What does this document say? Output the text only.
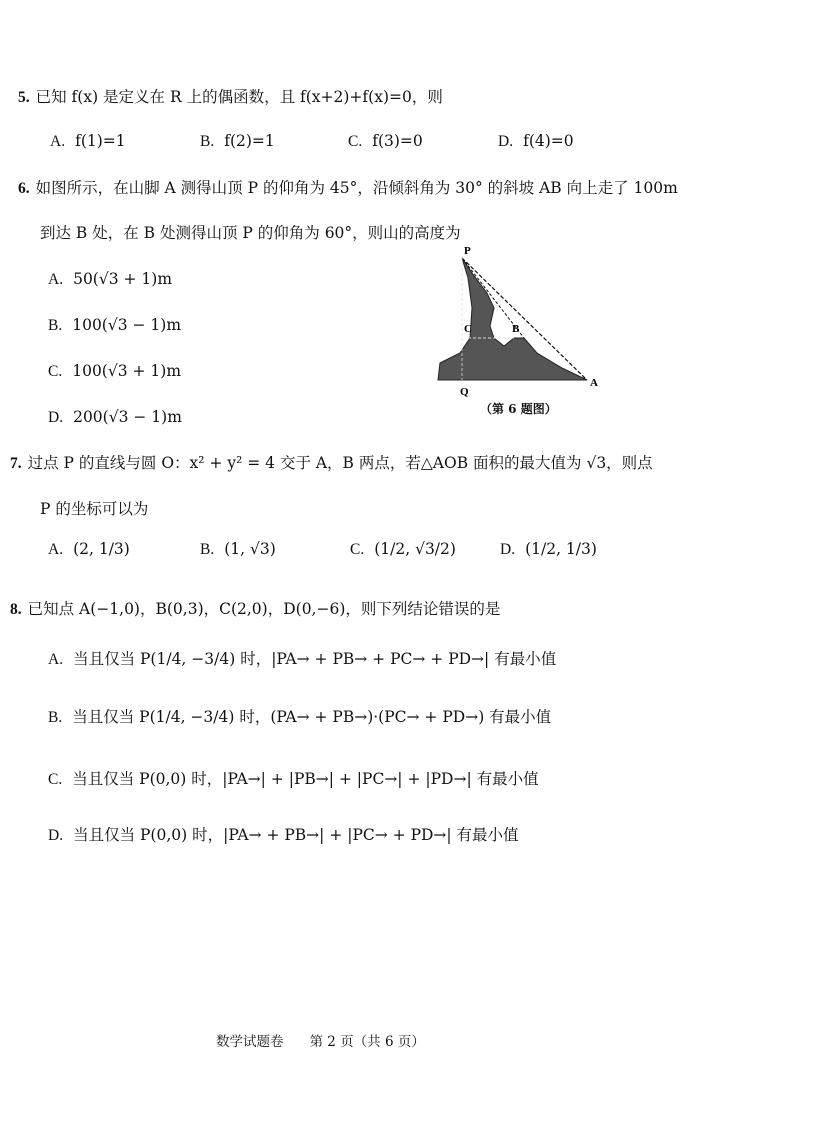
5. 已知 f(x) 是定义在 R 上的偶函数，且 f(x+2)+f(x)=0，则
A. f(1)=1	B. f(2)=1	C. f(3)=0	D. f(4)=0
6. 如图所示，在山脚 A 测得山顶 P 的仰角为 45°，沿倾斜角为 30° 的斜坡 AB 向上走了 100m
到达 B 处，在 B 处测得山顶 P 的仰角为 60°，则山的高度为
A. 50(√3 + 1)m
B. 100(√3 − 1)m
C. 100(√3 + 1)m
D. 200(√3 − 1)m
P
C	B
Q
A
（第 6 题图）
7. 过点 P 的直线与圆 O：x² + y² = 4 交于 A，B 两点，若△AOB 面积的最大值为 √3，则点
P 的坐标可以为
A. (2, 1/3)	B. (1, √3)	C. (1/2, √3/2)	D. (1/2, 1/3)
8. 已知点 A(−1,0)，B(0,3)，C(2,0)，D(0,−6)，则下列结论错误的是
A. 当且仅当 P(1/4, −3/4) 时，|PA→ + PB→ + PC→ + PD→| 有最小值
B. 当且仅当 P(1/4, −3/4) 时，(PA→ + PB→)·(PC→ + PD→) 有最小值
C. 当且仅当 P(0,0) 时，|PA→| + |PB→| + |PC→| + |PD→| 有最小值
D. 当且仅当 P(0,0) 时，|PA→ + PB→| + |PC→ + PD→| 有最小值
数学试题卷 第 2 页（共 6 页）
